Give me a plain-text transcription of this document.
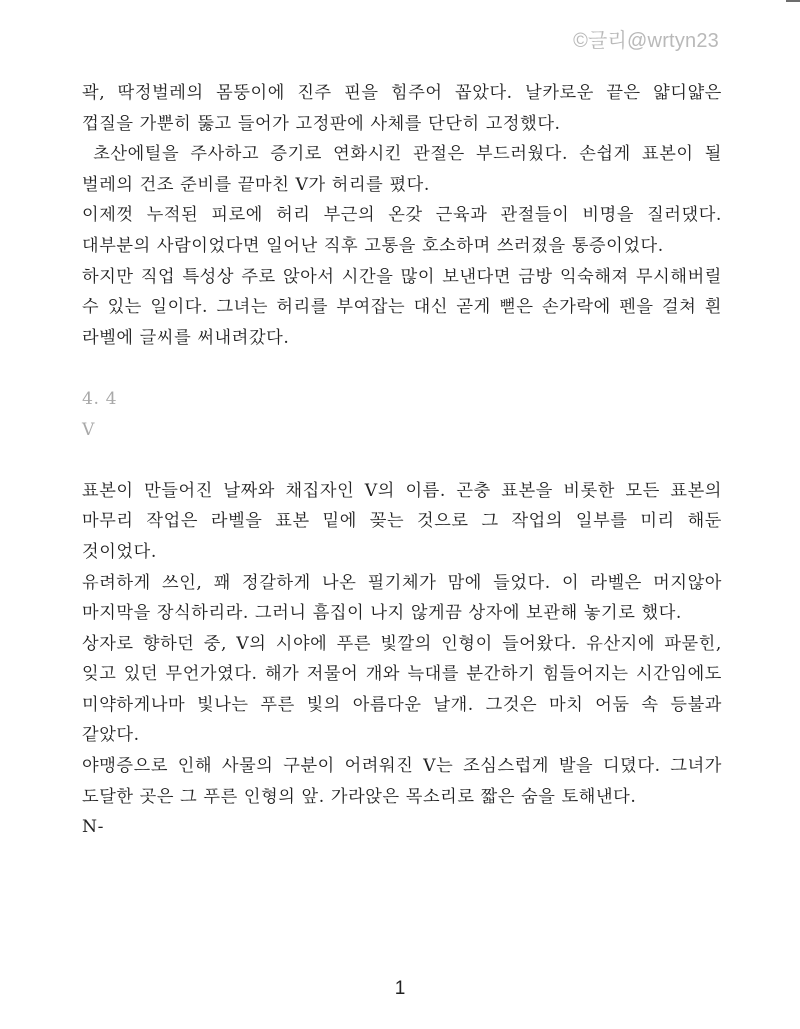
©글리@wrtyn23

곽, 딱정벌레의 몸뚱이에 진주 핀을 힘주어 꼽았다. 날카로운 끝은 얇디얇은 껍질을 가뿐히 뚫고 들어가 고정판에 사체를 단단히 고정했다.

초산에틸을 주사하고 증기로 연화시킨 관절은 부드러웠다. 손쉽게 표본이 될 벌레의 건조 준비를 끝마친 V가 허리를 폈다.

이제껏 누적된 피로에 허리 부근의 온갖 근육과 관절들이 비명을 질러댔다. 대부분의 사람이었다면 일어난 직후 고통을 호소하며 쓰러졌을 통증이었다.

하지만 직업 특성상 주로 앉아서 시간을 많이 보낸다면 금방 익숙해져 무시해버릴 수 있는 일이다. 그녀는 허리를 부여잡는 대신 곧게 뻗은 손가락에 펜을 걸쳐 흰 라벨에 글씨를 써내려갔다.

4. 4

V

표본이 만들어진 날짜와 채집자인 V의 이름. 곤충 표본을 비롯한 모든 표본의 마무리 작업은 라벨을 표본 밑에 꽂는 것으로 그 작업의 일부를 미리 해둔 것이었다.

유려하게 쓰인, 꽤 정갈하게 나온 필기체가 맘에 들었다. 이 라벨은 머지않아 마지막을 장식하리라. 그러니 흠집이 나지 않게끔 상자에 보관해 놓기로 했다.

상자로 향하던 중, V의 시야에 푸른 빛깔의 인형이 들어왔다. 유산지에 파묻힌, 잊고 있던 무언가였다. 해가 저물어 개와 늑대를 분간하기 힘들어지는 시간임에도 미약하게나마 빛나는 푸른 빛의 아름다운 날개. 그것은 마치 어둠 속 등불과 같았다.

야맹증으로 인해 사물의 구분이 어려워진 V는 조심스럽게 발을 디뎠다. 그녀가 도달한 곳은 그 푸른 인형의 앞. 가라앉은 목소리로 짧은 숨을 토해낸다.

N-

1
